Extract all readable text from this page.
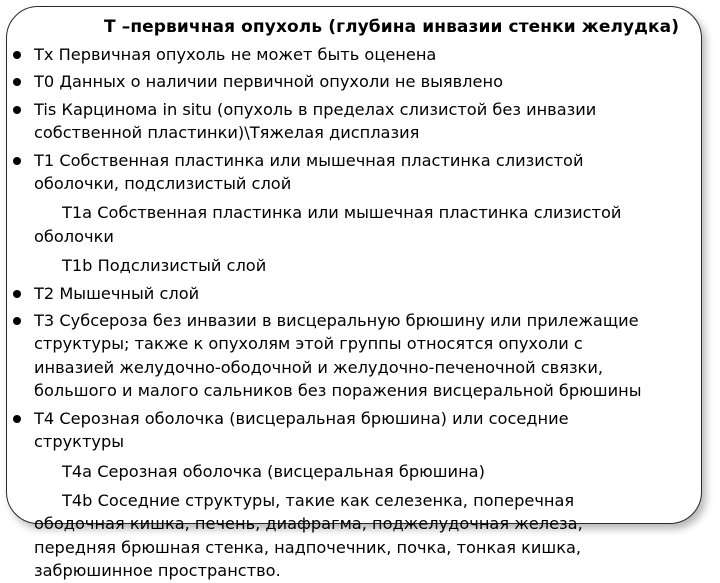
T –первичная опухоль (глубина инвазии стенки желудка)
Tx Первичная опухоль не может быть оценена
T0 Данных о наличии первичной опухоли не выявлено
Tis Карцинома in situ (опухоль в пределах слизистой без инвазии
собственной пластинки)\Тяжелая дисплазия
T1 Собственная пластинка или мышечная пластинка слизистой
оболочки, подслизистый слой
T1a Собственная пластинка или мышечная пластинка слизистой
оболочки
T1b Подслизистый слой
T2 Мышечный слой
T3 Субсероза без инвазии в висцеральную брюшину или прилежащие
структуры; также к опухолям этой группы относятся опухоли с
инвазией желудочно-ободочной и желудочно-печеночной связки,
большого и малого сальников без поражения висцеральной брюшины
T4 Серозная оболочка (висцеральная брюшина) или соседние
структуры
T4a Серозная оболочка (висцеральная брюшина)
T4b Соседние структуры, такие как селезенка, поперечная
ободочная кишка, печень, диафрагма, поджелудочная железа,
передняя брюшная стенка, надпочечник, почка, тонкая кишка,
забрюшинное пространство.
